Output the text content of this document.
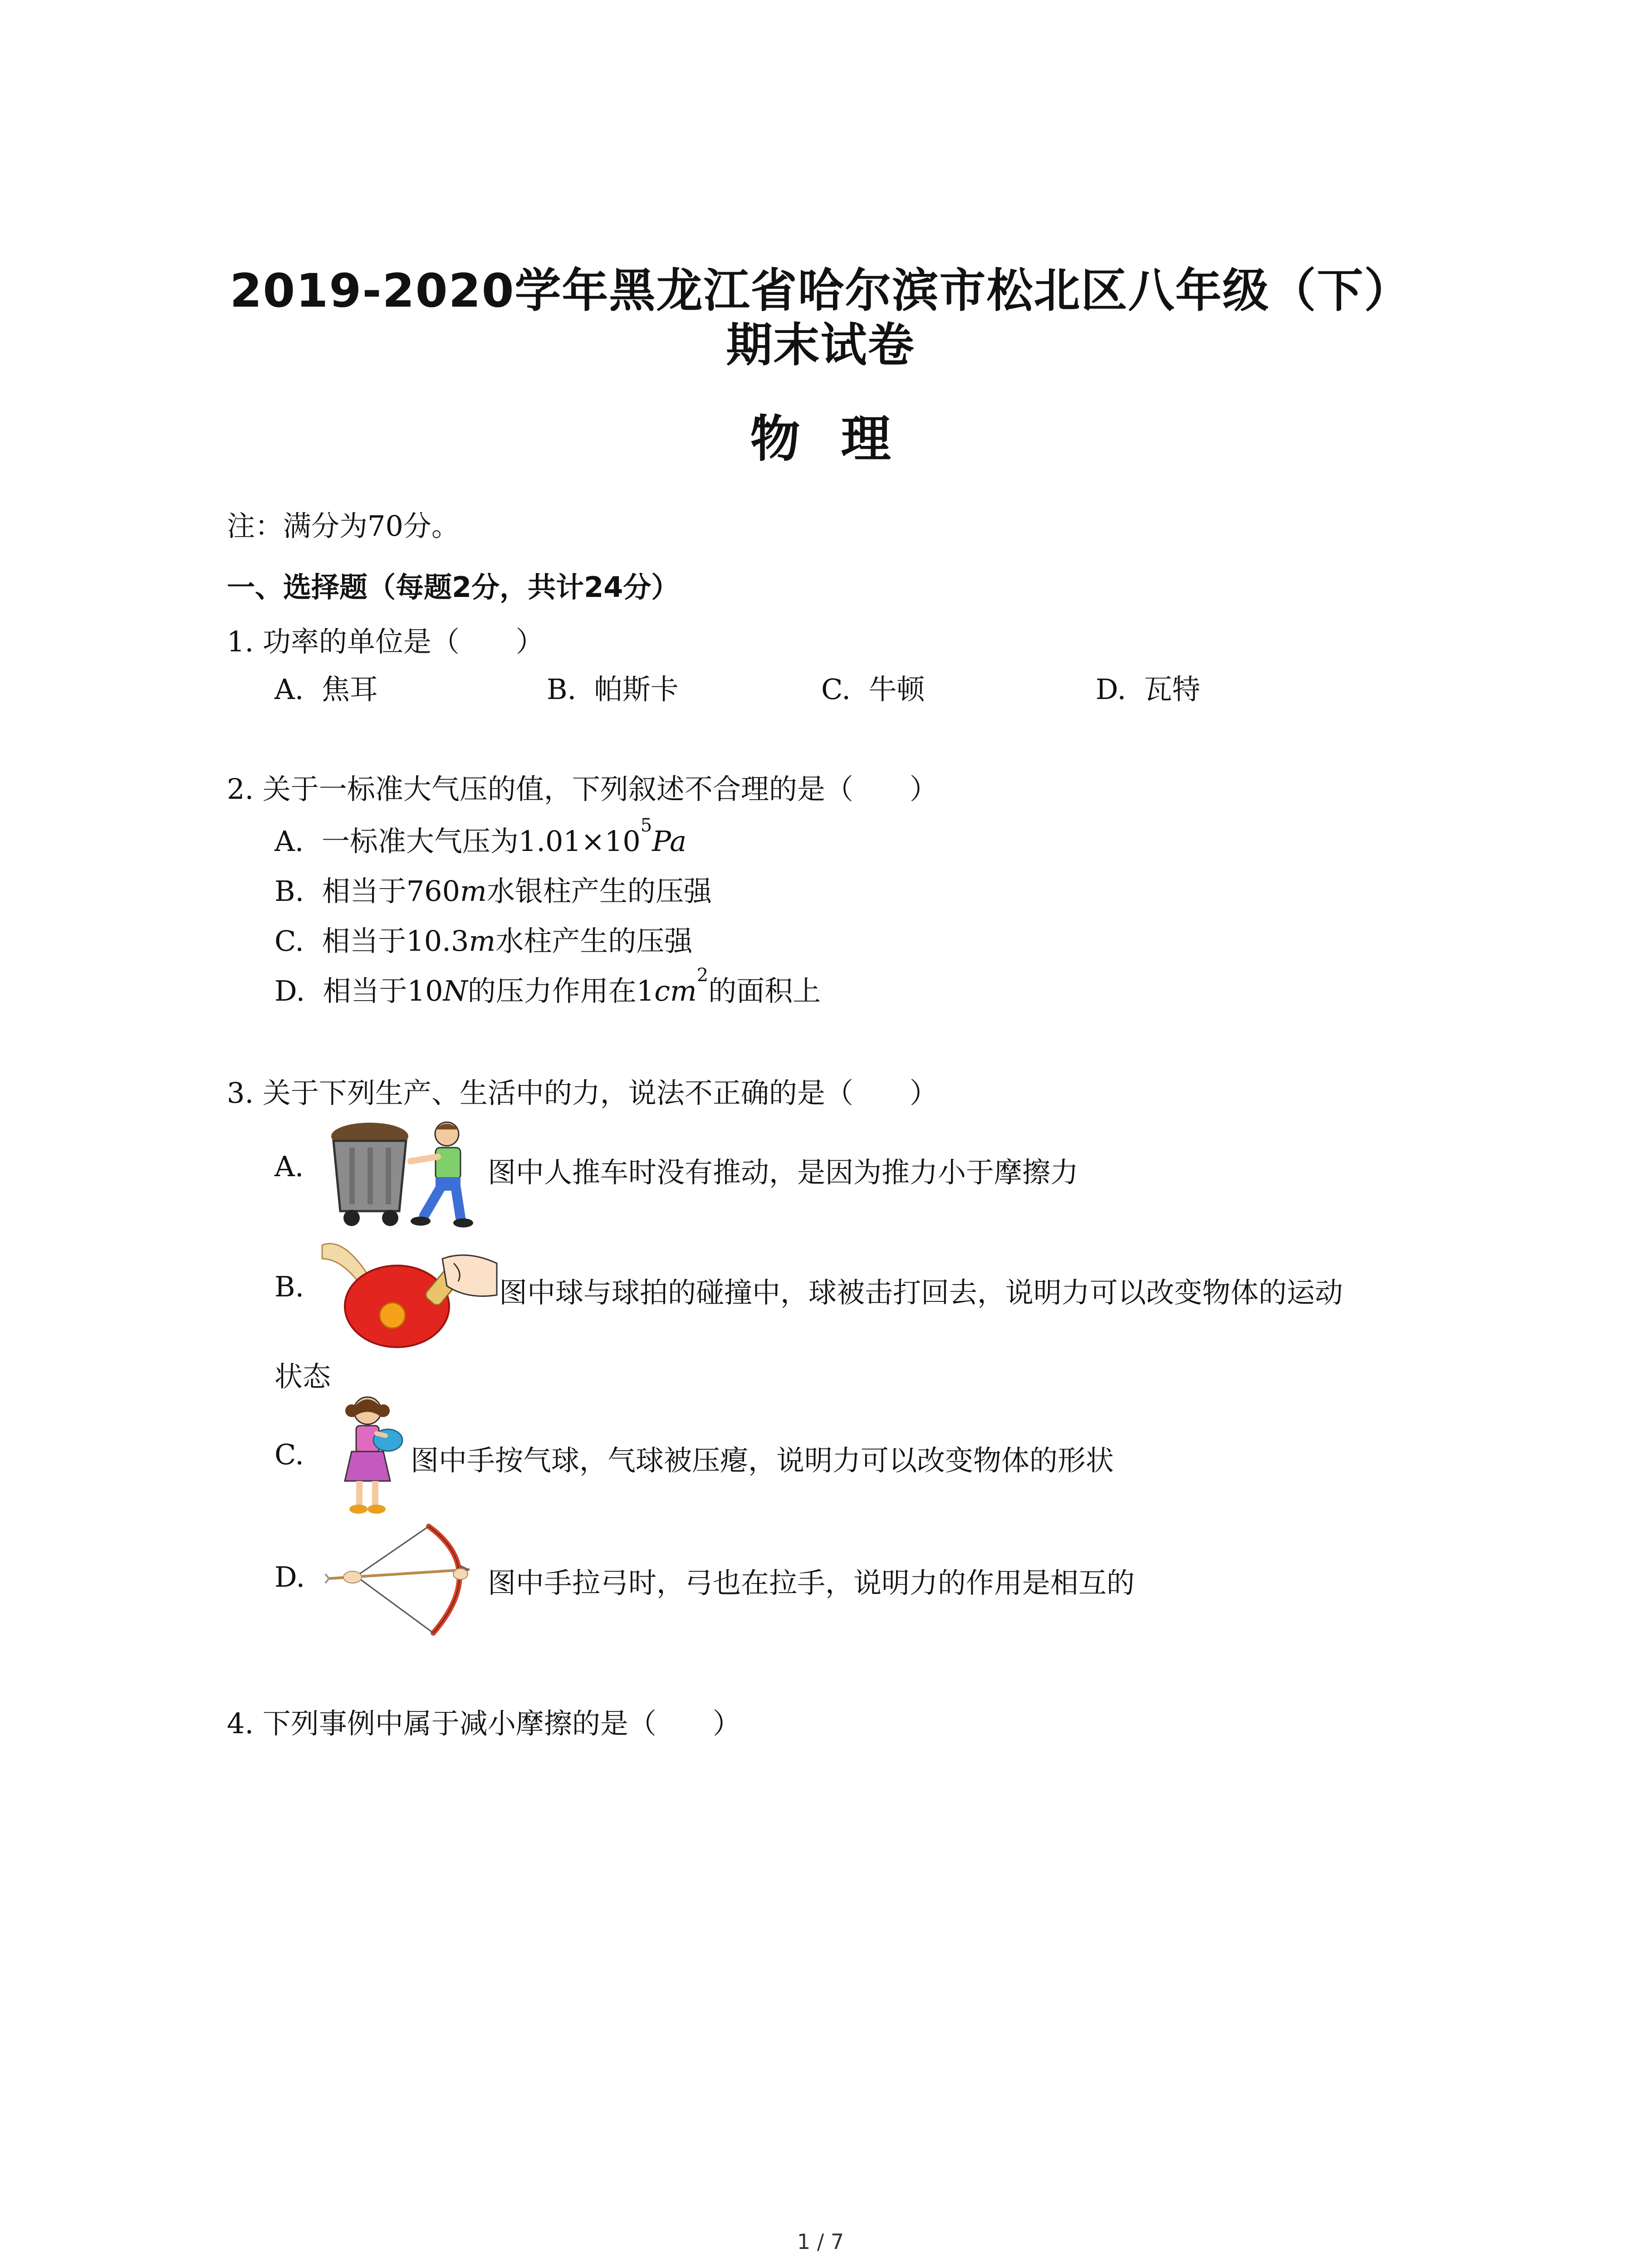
2019-2020学年黑龙江省哈尔滨市松北区八年级（下）
期末试卷
物理
注：满分为70分。
一、选择题（每题2分，共计24分）
1. 功率的单位是（　　）
A. 焦耳	B. 帕斯卡	C. 牛顿	D. 瓦特
2. 关于一标准大气压的值，下列叙述不合理的是（　　）
A. 一标准大气压为$1.01\times 10^5Pa$
B. 相当于760m水银柱产生的压强
C. 相当于10.3m水柱产生的压强
D. 相当于10N的压力作用在$1cm^2$的面积上
3. 关于下列生产、生活中的力，说法不正确的是（　　）
A.	图中人推车时没有推动，是因为推力小于摩擦力
B.	图中球与球拍的碰撞中，球被击打回去，说明力可以改变物体的运动
状态
C.	图中手按气球，气球被压瘪，说明力可以改变物体的形状
D.	图中手拉弓时，弓也在拉手，说明力的作用是相互的
4. 下列事例中属于减小摩擦的是（　　）
1 / 7
